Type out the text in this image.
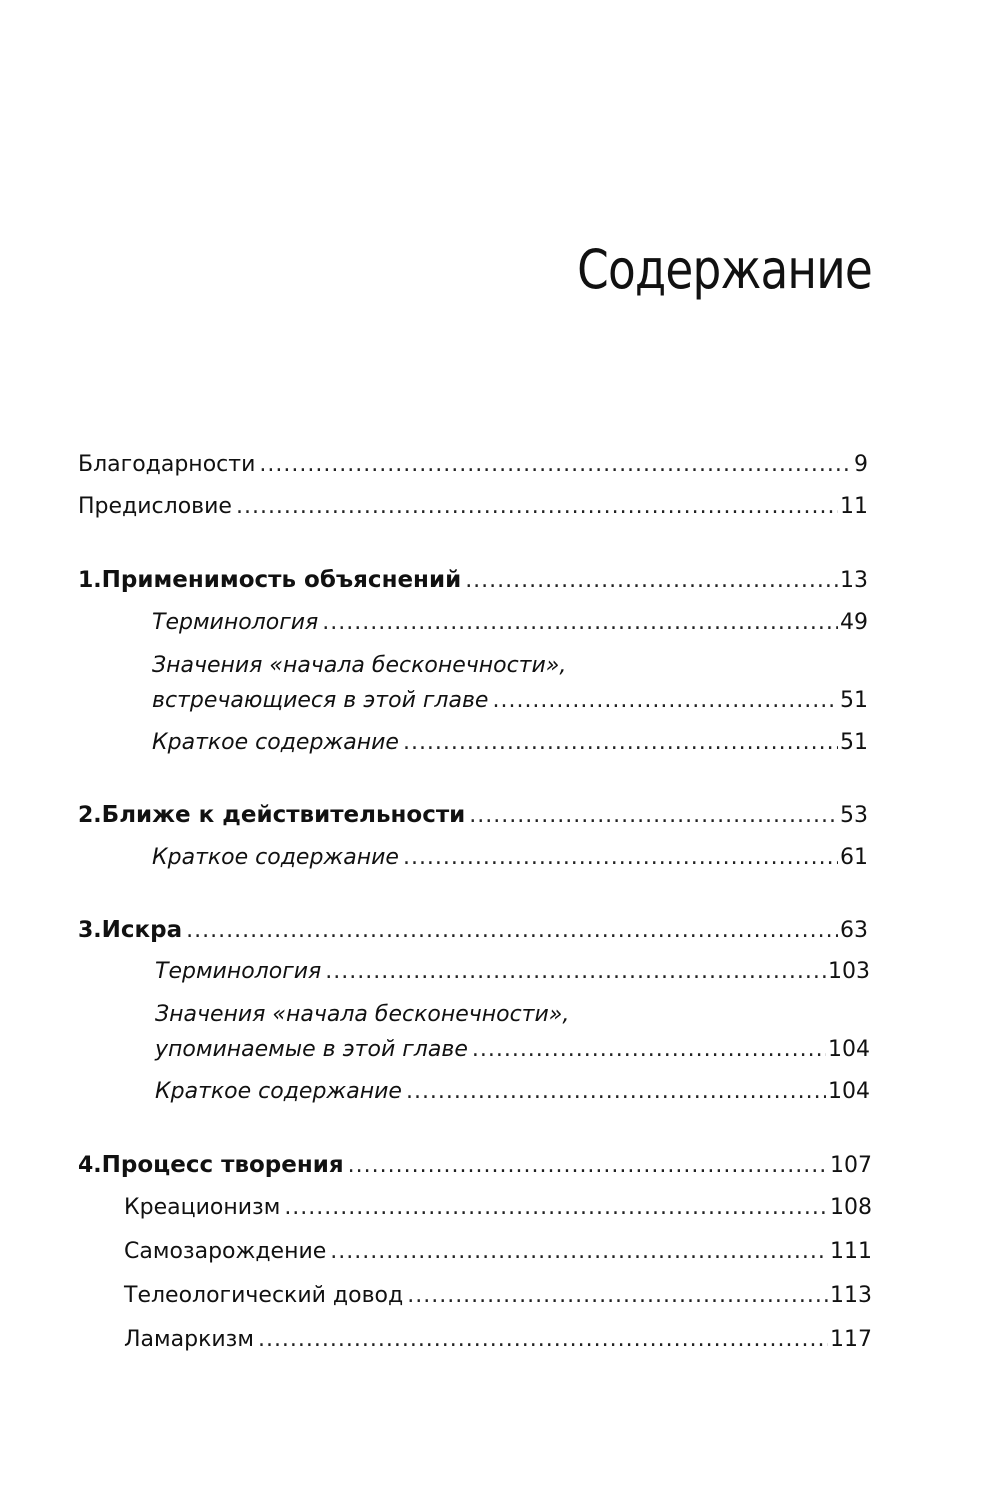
Содержание
Благодарности .....	9
Предисловие .....	11
1. Применимость объяснений .....	13
Терминология .....	49
Значения «начала бесконечности»,
встречающиеся в этой главе .....	51
Краткое содержание .....	51
2. Ближе к действительности .....	53
Краткое содержание .....	61
3. Искра .....	63
Терминология .....	103
Значения «начала бесконечности»,
упоминаемые в этой главе .....	104
Краткое содержание .....	104
4. Процесс творения .....	107
Креационизм .....	108
Самозарождение .....	111
Телеологический довод .....	113
Ламаркизм .....	117
